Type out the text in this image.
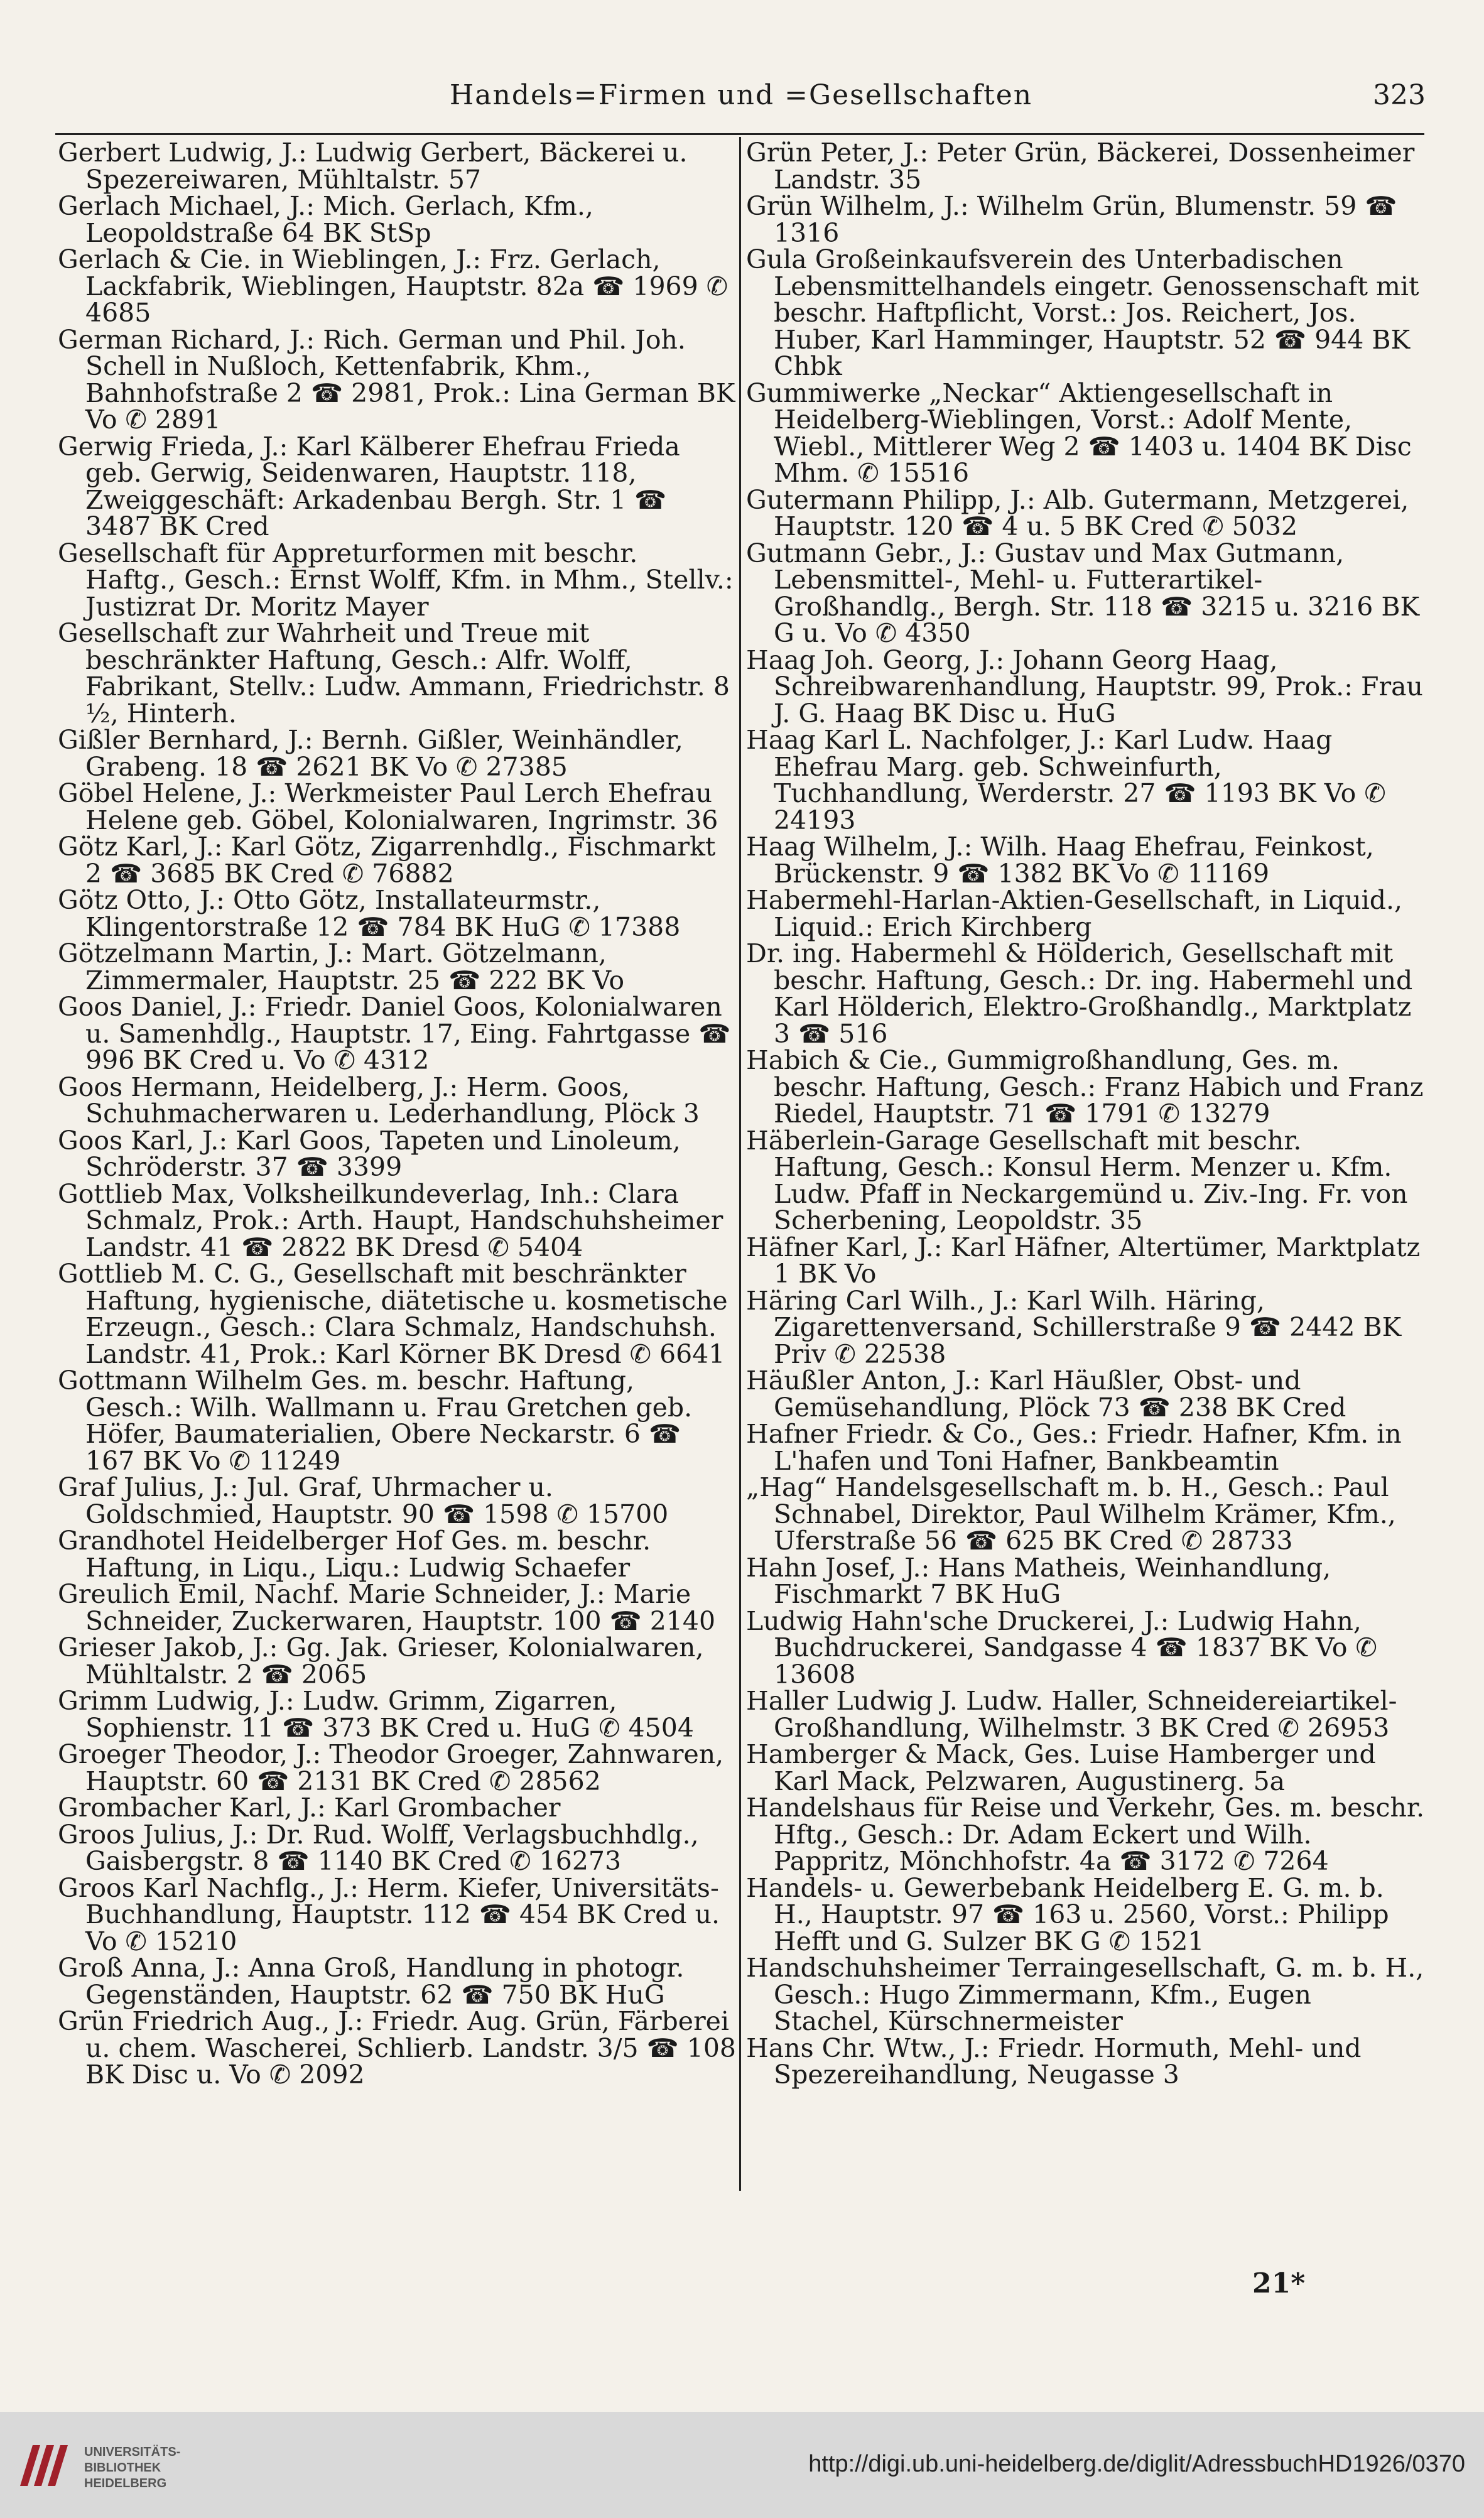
Handels=Firmen und =Gesellschaften	323
Gerbert Ludwig, J.: Ludwig Gerbert, Bäckerei u. Spezereiwaren, Mühltalstr. 57
Gerlach Michael, J.: Mich. Gerlach, Kfm., Leopoldstraße 64 BK StSp
Gerlach & Cie. in Wieblingen, J.: Frz. Gerlach, Lackfabrik, Wieblingen, Hauptstr. 82a ☎ 1969 ✆ 4685
German Richard, J.: Rich. German und Phil. Joh. Schell in Nußloch, Kettenfabrik, Khm., Bahnhofstraße 2 ☎ 2981, Prok.: Lina German BK Vo ✆ 2891
Gerwig Frieda, J.: Karl Kälberer Ehefrau Frieda geb. Gerwig, Seidenwaren, Hauptstr. 118, Zweiggeschäft: Arkadenbau Bergh. Str. 1 ☎ 3487 BK Cred
Gesellschaft für Appreturformen mit beschr. Haftg., Gesch.: Ernst Wolff, Kfm. in Mhm., Stellv.: Justizrat Dr. Moritz Mayer
Gesellschaft zur Wahrheit und Treue mit beschränkter Haftung, Gesch.: Alfr. Wolff, Fabrikant, Stellv.: Ludw. Ammann, Friedrichstr. 8 ½, Hinterh.
Gißler Bernhard, J.: Bernh. Gißler, Weinhändler, Grabeng. 18 ☎ 2621 BK Vo ✆ 27385
Göbel Helene, J.: Werkmeister Paul Lerch Ehefrau Helene geb. Göbel, Kolonialwaren, Ingrimstr. 36
Götz Karl, J.: Karl Götz, Zigarrenhdlg., Fischmarkt 2 ☎ 3685 BK Cred ✆ 76882
Götz Otto, J.: Otto Götz, Installateurmstr., Klingentorstraße 12 ☎ 784 BK HuG ✆ 17388
Götzelmann Martin, J.: Mart. Götzelmann, Zimmermaler, Hauptstr. 25 ☎ 222 BK Vo
Goos Daniel, J.: Friedr. Daniel Goos, Kolonialwaren u. Samenhdlg., Hauptstr. 17, Eing. Fahrtgasse ☎ 996 BK Cred u. Vo ✆ 4312
Goos Hermann, Heidelberg, J.: Herm. Goos, Schuhmacherwaren u. Lederhandlung, Plöck 3
Goos Karl, J.: Karl Goos, Tapeten und Linoleum, Schröderstr. 37 ☎ 3399
Gottlieb Max, Volksheilkundeverlag, Inh.: Clara Schmalz, Prok.: Arth. Haupt, Handschuhsheimer Landstr. 41 ☎ 2822 BK Dresd ✆ 5404
Gottlieb M. C. G., Gesellschaft mit beschränkter Haftung, hygienische, diätetische u. kosmetische Erzeugn., Gesch.: Clara Schmalz, Handschuhsh. Landstr. 41, Prok.: Karl Körner BK Dresd ✆ 6641
Gottmann Wilhelm Ges. m. beschr. Haftung, Gesch.: Wilh. Wallmann u. Frau Gretchen geb. Höfer, Baumaterialien, Obere Neckarstr. 6 ☎ 167 BK Vo ✆ 11249
Graf Julius, J.: Jul. Graf, Uhrmacher u. Goldschmied, Hauptstr. 90 ☎ 1598 ✆ 15700
Grandhotel Heidelberger Hof Ges. m. beschr. Haftung, in Liqu., Liqu.: Ludwig Schaefer
Greulich Emil, Nachf. Marie Schneider, J.: Marie Schneider, Zuckerwaren, Hauptstr. 100 ☎ 2140
Grieser Jakob, J.: Gg. Jak. Grieser, Kolonialwaren, Mühltalstr. 2 ☎ 2065
Grimm Ludwig, J.: Ludw. Grimm, Zigarren, Sophienstr. 11 ☎ 373 BK Cred u. HuG ✆ 4504
Groeger Theodor, J.: Theodor Groeger, Zahnwaren, Hauptstr. 60 ☎ 2131 BK Cred ✆ 28562
Grombacher Karl, J.: Karl Grombacher
Groos Julius, J.: Dr. Rud. Wolff, Verlagsbuchhdlg., Gaisbergstr. 8 ☎ 1140 BK Cred ✆ 16273
Groos Karl Nachflg., J.: Herm. Kiefer, Universitäts-Buchhandlung, Hauptstr. 112 ☎ 454 BK Cred u. Vo ✆ 15210
Groß Anna, J.: Anna Groß, Handlung in photogr. Gegenständen, Hauptstr. 62 ☎ 750 BK HuG
Grün Friedrich Aug., J.: Friedr. Aug. Grün, Färberei u. chem. Wascherei, Schlierb. Landstr. 3/5 ☎ 108 BK Disc u. Vo ✆ 2092
Grün Peter, J.: Peter Grün, Bäckerei, Dossenheimer Landstr. 35
Grün Wilhelm, J.: Wilhelm Grün, Blumenstr. 59 ☎ 1316
Gula Großeinkaufsverein des Unterbadischen Lebensmittelhandels eingetr. Genossenschaft mit beschr. Haftpflicht, Vorst.: Jos. Reichert, Jos. Huber, Karl Hamminger, Hauptstr. 52 ☎ 944 BK Chbk
Gummiwerke „Neckar“ Aktiengesellschaft in Heidelberg-Wieblingen, Vorst.: Adolf Mente, Wiebl., Mittlerer Weg 2 ☎ 1403 u. 1404 BK Disc Mhm. ✆ 15516
Gutermann Philipp, J.: Alb. Gutermann, Metzgerei, Hauptstr. 120 ☎ 4 u. 5 BK Cred ✆ 5032
Gutmann Gebr., J.: Gustav und Max Gutmann, Lebensmittel-, Mehl- u. Futterartikel-Großhandlg., Bergh. Str. 118 ☎ 3215 u. 3216 BK G u. Vo ✆ 4350
Haag Joh. Georg, J.: Johann Georg Haag, Schreibwarenhandlung, Hauptstr. 99, Prok.: Frau J. G. Haag BK Disc u. HuG
Haag Karl L. Nachfolger, J.: Karl Ludw. Haag Ehefrau Marg. geb. Schweinfurth, Tuchhandlung, Werderstr. 27 ☎ 1193 BK Vo ✆ 24193
Haag Wilhelm, J.: Wilh. Haag Ehefrau, Feinkost, Brückenstr. 9 ☎ 1382 BK Vo ✆ 11169
Habermehl-Harlan-Aktien-Gesellschaft, in Liquid., Liquid.: Erich Kirchberg
Dr. ing. Habermehl & Hölderich, Gesellschaft mit beschr. Haftung, Gesch.: Dr. ing. Habermehl und Karl Hölderich, Elektro-Großhandlg., Marktplatz 3 ☎ 516
Habich & Cie., Gummigroßhandlung, Ges. m. beschr. Haftung, Gesch.: Franz Habich und Franz Riedel, Hauptstr. 71 ☎ 1791 ✆ 13279
Häberlein-Garage Gesellschaft mit beschr. Haftung, Gesch.: Konsul Herm. Menzer u. Kfm. Ludw. Pfaff in Neckargemünd u. Ziv.-Ing. Fr. von Scherbening, Leopoldstr. 35
Häfner Karl, J.: Karl Häfner, Altertümer, Marktplatz 1 BK Vo
Häring Carl Wilh., J.: Karl Wilh. Häring, Zigarettenversand, Schillerstraße 9 ☎ 2442 BK Priv ✆ 22538
Häußler Anton, J.: Karl Häußler, Obst- und Gemüsehandlung, Plöck 73 ☎ 238 BK Cred
Hafner Friedr. & Co., Ges.: Friedr. Hafner, Kfm. in L'hafen und Toni Hafner, Bankbeamtin
„Hag“ Handelsgesellschaft m. b. H., Gesch.: Paul Schnabel, Direktor, Paul Wilhelm Krämer, Kfm., Uferstraße 56 ☎ 625 BK Cred ✆ 28733
Hahn Josef, J.: Hans Matheis, Weinhandlung, Fischmarkt 7 BK HuG
Ludwig Hahn'sche Druckerei, J.: Ludwig Hahn, Buchdruckerei, Sandgasse 4 ☎ 1837 BK Vo ✆ 13608
Haller Ludwig J. Ludw. Haller, Schneidereiartikel-Großhandlung, Wilhelmstr. 3 BK Cred ✆ 26953
Hamberger & Mack, Ges. Luise Hamberger und Karl Mack, Pelzwaren, Augustinerg. 5a
Handelshaus für Reise und Verkehr, Ges. m. beschr. Hftg., Gesch.: Dr. Adam Eckert und Wilh. Pappritz, Mönchhofstr. 4a ☎ 3172 ✆ 7264
Handels- u. Gewerbebank Heidelberg E. G. m. b. H., Hauptstr. 97 ☎ 163 u. 2560, Vorst.: Philipp Hefft und G. Sulzer BK G ✆ 1521
Handschuhsheimer Terraingesellschaft, G. m. b. H., Gesch.: Hugo Zimmermann, Kfm., Eugen Stachel, Kürschnermeister
Hans Chr. Wtw., J.: Friedr. Hormuth, Mehl- und Spezereihandlung, Neugasse 3
21*
UNIVERSITÄTS-
BIBLIOTHEK
HEIDELBERG
http://digi.ub.uni-heidelberg.de/diglit/AdressbuchHD1926/0370
